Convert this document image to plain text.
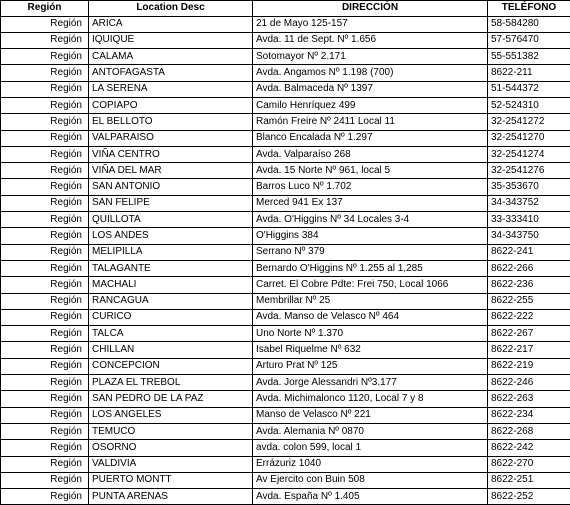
Región	Location Desc	DIRECCIÓN	TELÉFONO
Región	ARICA	21 de Mayo 125-157	58-584280
Región	IQUIQUE	Avda. 11 de Sept. Nº 1.656	57-576470
Región	CALAMA	Sotomayor Nº 2.171	55-551382
Región	ANTOFAGASTA	Avda. Angamos Nº 1.198 (700)	8622-211
Región	LA SERENA	Avda. Balmaceda Nº 1397	51-544372
Región	COPIAPO	Camilo Henríquez 499	52-524310
Región	EL BELLOTO	Ramón Freire Nº 2411 Local 11	32-2541272
Región	VALPARAISO	Blanco Encalada Nº 1.297	32-2541270
Región	VIÑA CENTRO	Avda. Valparaíso 268	32-2541274
Región	VIÑA DEL MAR	Avda. 15 Norte Nº 961, local 5	32-2541276
Región	SAN ANTONIO	Barros Luco Nº 1.702	35-353670
Región	SAN FELIPE	Merced 941 Ex 137	34-343752
Región	QUILLOTA	Avda. O'Higgins Nº 34 Locales 3-4	33-333410
Región	LOS ANDES	O'Higgins 384	34-343750
Región	MELIPILLA	Serrano Nº 379	8622-241
Región	TALAGANTE	Bernardo O'Higgins Nº 1.255 al 1,285	8622-266
Región	MACHALI	Carret. El Cobre Pdte: Frei 750, Local 1066	8622-236
Región	RANCAGUA	Membrillar Nº 25	8622-255
Región	CURICO	Avda. Manso de Velasco Nº 464	8622-222
Región	TALCA	Uno Norte Nº 1.370	8622-267
Región	CHILLAN	Isabel Riquelme Nº 632	8622-217
Región	CONCEPCION	Arturo Prat Nº 125	8622-219
Región	PLAZA EL TREBOL	Avda. Jorge Alessandri Nº3.177	8622-246
Región	SAN PEDRO DE LA PAZ	Avda. Michimalonco 1120, Local 7 y 8	8622-263
Región	LOS ANGELES	Manso de Velasco Nº 221	8622-234
Región	TEMUCO	Avda. Alemania Nº 0870	8622-268
Región	OSORNO	avda. colon 599, local 1	8622-242
Región	VALDIVIA	Errázuriz 1040	8622-270
Región	PUERTO MONTT	Av Ejercito con Buin 508	8622-251
Región	PUNTA ARENAS	Avda. España Nº 1.405	8622-252
